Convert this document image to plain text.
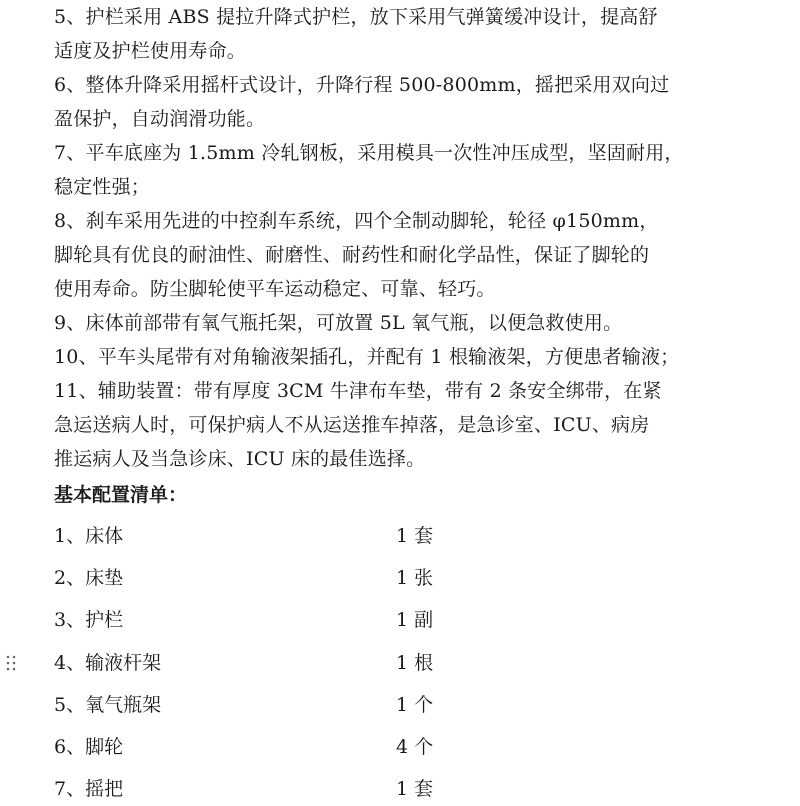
5、护栏采用 ABS 提拉升降式护栏，放下采用气弹簧缓冲设计，提高舒
适度及护栏使用寿命。
6、整体升降采用摇杆式设计，升降行程 500-800mm，摇把采用双向过
盈保护，自动润滑功能。
7、平车底座为 1.5mm 冷轧钢板，采用模具一次性冲压成型，坚固耐用，
稳定性强；
8、刹车采用先进的中控刹车系统，四个全制动脚轮，轮径 φ150mm，
脚轮具有优良的耐油性、耐磨性、耐药性和耐化学品性，保证了脚轮的
使用寿命。防尘脚轮使平车运动稳定、可靠、轻巧。
9、床体前部带有氧气瓶托架，可放置 5L 氧气瓶，以便急救使用。
10、平车头尾带有对角输液架插孔，并配有 1 根输液架，方便患者输液；
11、辅助装置：带有厚度 3CM 牛津布车垫，带有 2 条安全绑带，在紧
急运送病人时，可保护病人不从运送推车掉落，是急诊室、ICU、病房
推运病人及当急诊床、ICU 床的最佳选择。
基本配置清单：
1、床体	1 套
2、床垫	1 张
3、护栏	1 副
4、输液杆架	1 根
5、氧气瓶架	1 个
6、脚轮	4 个
7、摇把	1 套
